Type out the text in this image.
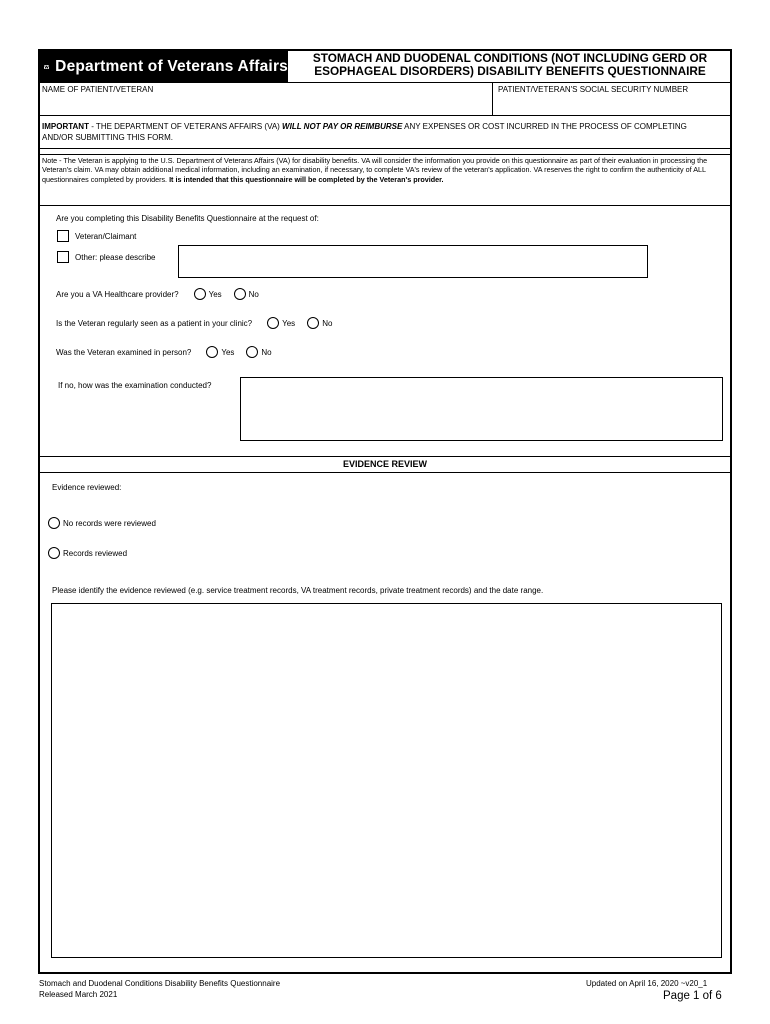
Department of Veterans Affairs	STOMACH AND DUODENAL CONDITIONS (NOT INCLUDING GERD OR
ESOPHAGEAL DISORDERS) DISABILITY BENEFITS QUESTIONNAIRE
NAME OF PATIENT/VETERAN	PATIENT/VETERAN'S SOCIAL SECURITY NUMBER
IMPORTANT - THE DEPARTMENT OF VETERANS AFFAIRS (VA) WILL NOT PAY OR REIMBURSE ANY EXPENSES OR COST INCURRED IN THE PROCESS OF COMPLETING AND/OR SUBMITTING THIS FORM.
Note - The Veteran is applying to the U.S. Department of Veterans Affairs (VA) for disability benefits. VA will consider the information you provide on this questionnaire as part of their evaluation in processing the Veteran's claim. VA may obtain additional medical information, including an examination, if necessary, to complete VA's review of the veteran's application. VA reserves the right to confirm the authenticity of ALL questionnaires completed by providers. It is intended that this questionnaire will be completed by the Veteran's provider.
Are you completing this Disability Benefits Questionnaire at the request of:
Veteran/Claimant
Other: please describe
Are you a VA Healthcare provider?	Yes	No
Is the Veteran regularly seen as a patient in your clinic?	Yes	No
Was the Veteran examined in person?	Yes	No
If no, how was the examination conducted?
EVIDENCE REVIEW
Evidence reviewed:
No records were reviewed
Records reviewed
Please identify the evidence reviewed (e.g. service treatment records, VA treatment records, private treatment records) and the date range.
Stomach and Duodenal Conditions Disability Benefits Questionnaire
Released March 2021
Updated on April 16, 2020 ~v20_1
Page 1 of 6
